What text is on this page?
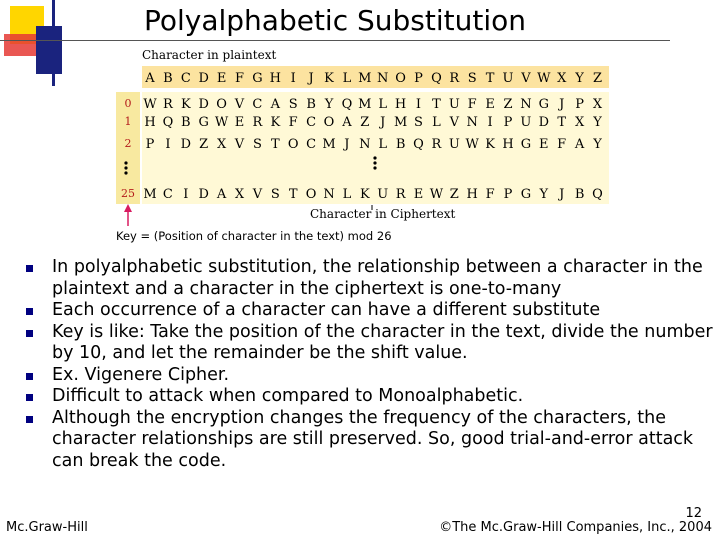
Polyalphabetic Substitution
Character in plaintext
A B C D E F G H I J K L M N O P Q R S T U V W X Y Z
W R K D O V C A S B Y Q M L H I T U F E Z N G J P X
H Q B G W E R K F C O A Z J M S L V N I P U D T X Y
P I D Z X V S T O C M J N L B Q R U W K H G E F A Y
M C I D A X V S T O N L K U R E W Z H F P G Y J B Q
0
1
2
25
Character in Ciphertext
Key = (Position of character in the text) mod 26
In polyalphabetic substitution, the relationship between a character in the plaintext and a character in the ciphertext is one-to-many
Each occurrence of a character can have a different substitute
Key is like: Take the position of the character in the text, divide the number by 10, and let the remainder be the shift value.
Ex. Vigenere Cipher.
Difficult to attack when compared to Monoalphabetic.
Although the encryption changes the frequency of the characters, the character relationships are still preserved. So, good trial-and-error attack can break the code.
12
Mc.Graw-Hill	©The Mc.Graw-Hill Companies, Inc., 2004
